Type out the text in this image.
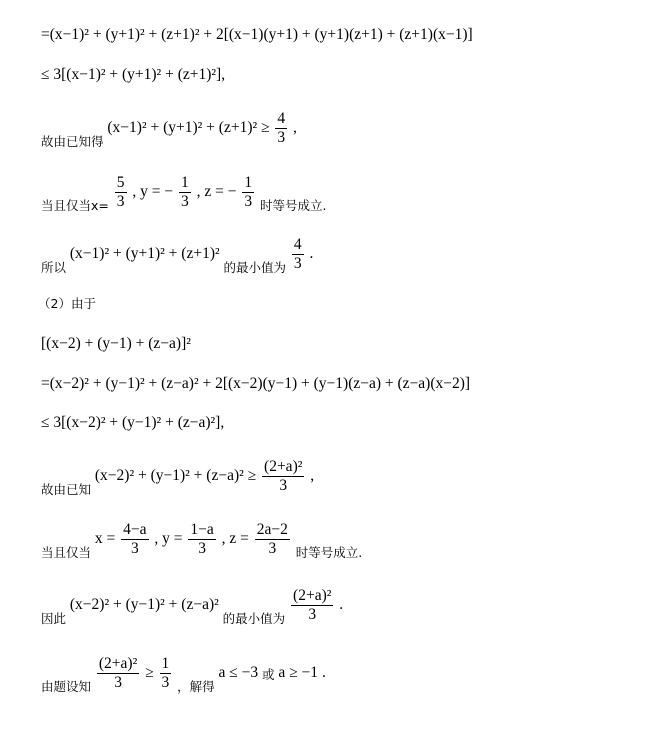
=(x−1)² + (y+1)² + (z+1)² + 2[(x−1)(y+1) + (y+1)(z+1) + (z+1)(x−1)]
≤ 3[(x−1)² + (y+1)² + (z+1)²],
$_{故由已知得}$ $(x-1)^2 + (y+1)^2 + (z+1)^2 \ge \frac{4}{3}$ ,
$_{当且仅当x=} \frac{5}{3}$ , y = − $\frac{1}{3}$ , z = − $\frac{1}{3} _{时等号成立.}$
$_{所以}$ (x−1)² + (y+1)² + (z+1)² $_{的最小值为} \frac{4}{3}$ .
（2）由于
[(x−2) + (y−1) + (z−a)]²
=(x−2)² + (y−1)² + (z−a)² + 2[(x−2)(y−1) + (y−1)(z−a) + (z−a)(x−2)]
≤ 3[(x−2)² + (y−1)² + (z−a)²],
$_{故由已知}$ $(x-2)^2 + (y-1)^2 + (z-a)^2 \ge \frac{\text{(2+a)²}}{3}$ ,
$_{当且仅当}$ $x = \frac{4-a}{3}$ , $y = \frac{1-a}{3}$ , $z = \frac{2a-2}{3} _{时等号成立.}$
$_{因此}$ (x−2)² + (y−1)² + (z−a)² $_{的最小值为} \frac{\text{(2+a)²}}{3}$ .
$_{由题设知} \frac{\text{(2+a)²}}{3} \ge \frac{1}{3} _{,解得}$ a ≤ −3 或 a ≥ −1 .
